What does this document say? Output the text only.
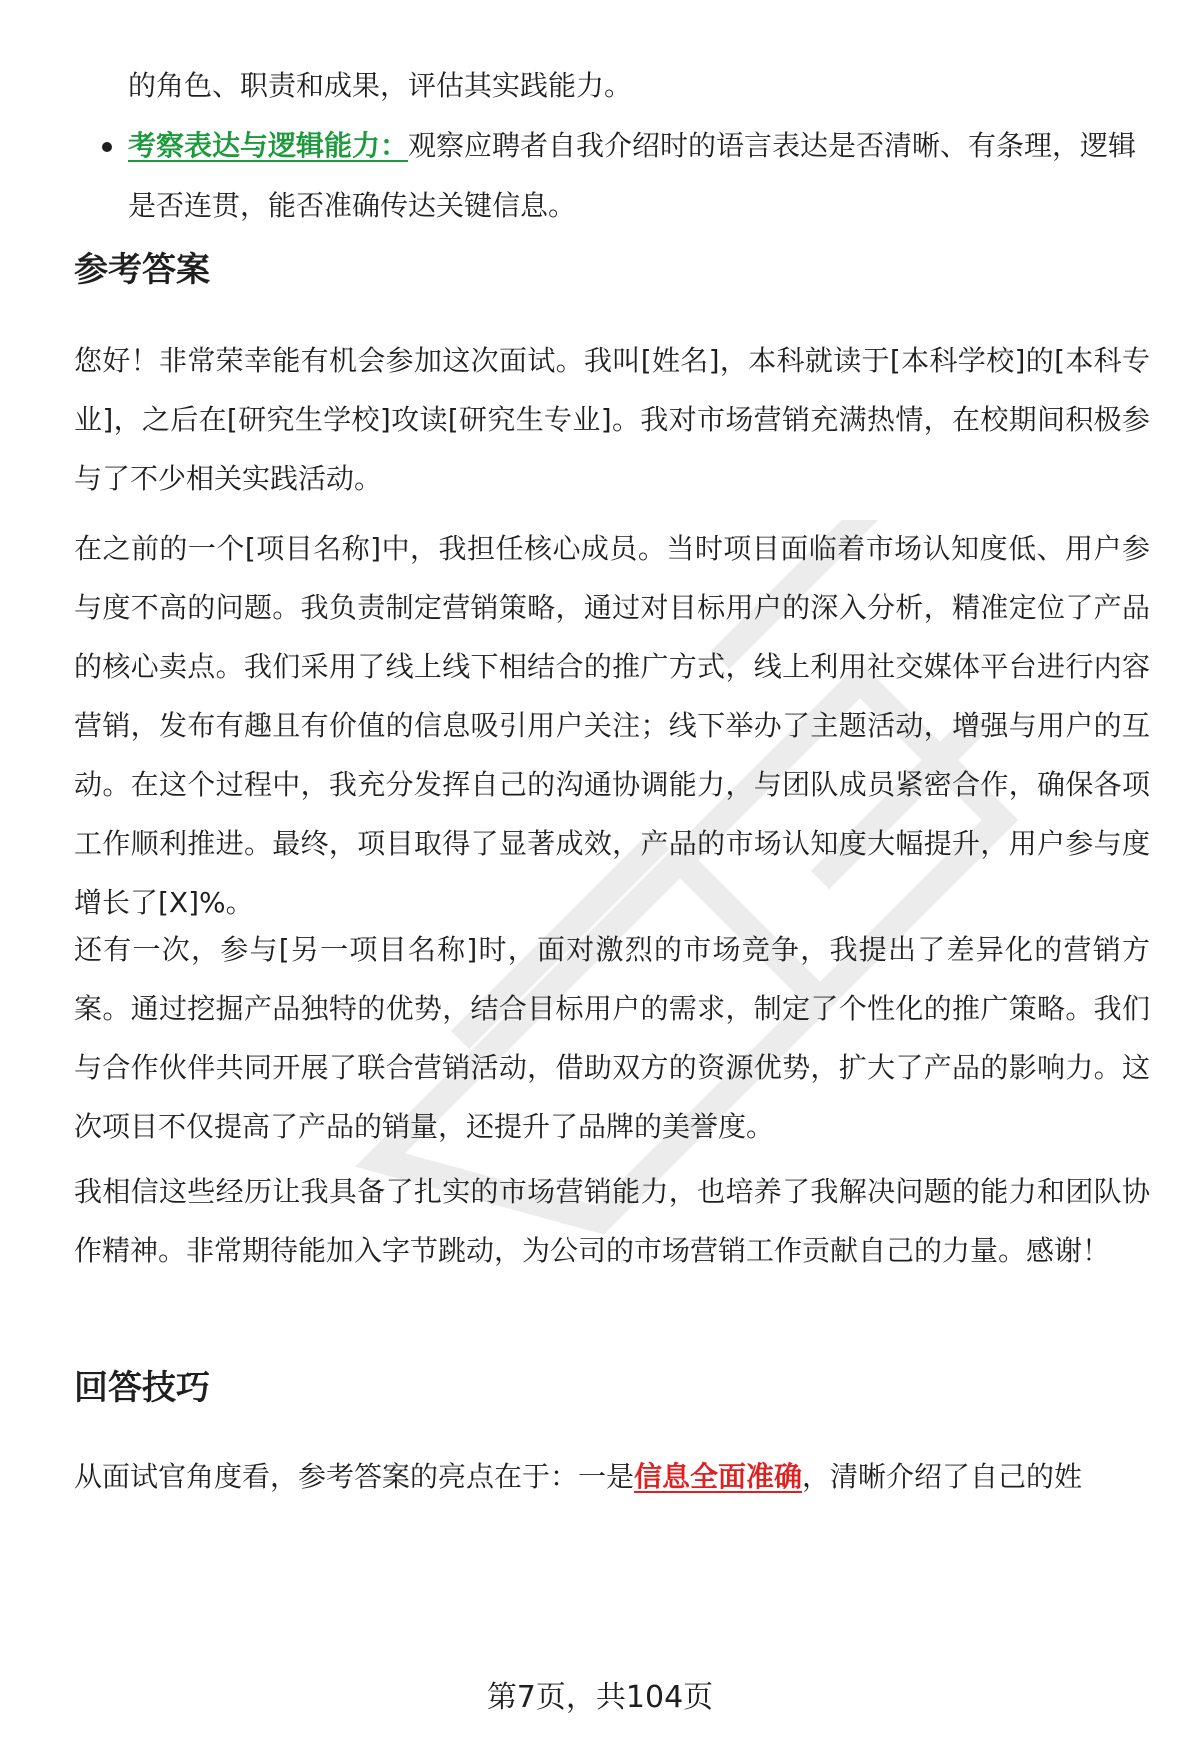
的角色、职责和成果，评估其实践能力。

考察表达与逻辑能力：观察应聘者自我介绍时的语言表达是否清晰、有条理，逻辑是否连贯，能否准确传达关键信息。

参考答案

您好！非常荣幸能有机会参加这次面试。我叫[姓名]，本科就读于[本科学校]的[本科专业]，之后在[研究生学校]攻读[研究生专业]。我对市场营销充满热情，在校期间积极参与了不少相关实践活动。

在之前的一个[项目名称]中，我担任核心成员。当时项目面临着市场认知度低、用户参与度不高的问题。我负责制定营销策略，通过对目标用户的深入分析，精准定位了产品的核心卖点。我们采用了线上线下相结合的推广方式，线上利用社交媒体平台进行内容营销，发布有趣且有价值的信息吸引用户关注；线下举办了主题活动，增强与用户的互动。在这个过程中，我充分发挥自己的沟通协调能力，与团队成员紧密合作，确保各项工作顺利推进。最终，项目取得了显著成效，产品的市场认知度大幅提升，用户参与度增长了[X]%。

还有一次，参与[另一项目名称]时，面对激烈的市场竞争，我提出了差异化的营销方案。通过挖掘产品独特的优势，结合目标用户的需求，制定了个性化的推广策略。我们与合作伙伴共同开展了联合营销活动，借助双方的资源优势，扩大了产品的影响力。这次项目不仅提高了产品的销量，还提升了品牌的美誉度。

我相信这些经历让我具备了扎实的市场营销能力，也培养了我解决问题的能力和团队协作精神。非常期待能加入字节跳动，为公司的市场营销工作贡献自己的力量。感谢！

回答技巧

从面试官角度看，参考答案的亮点在于：一是信息全面准确，清晰介绍了自己的姓

第7页，共104页
